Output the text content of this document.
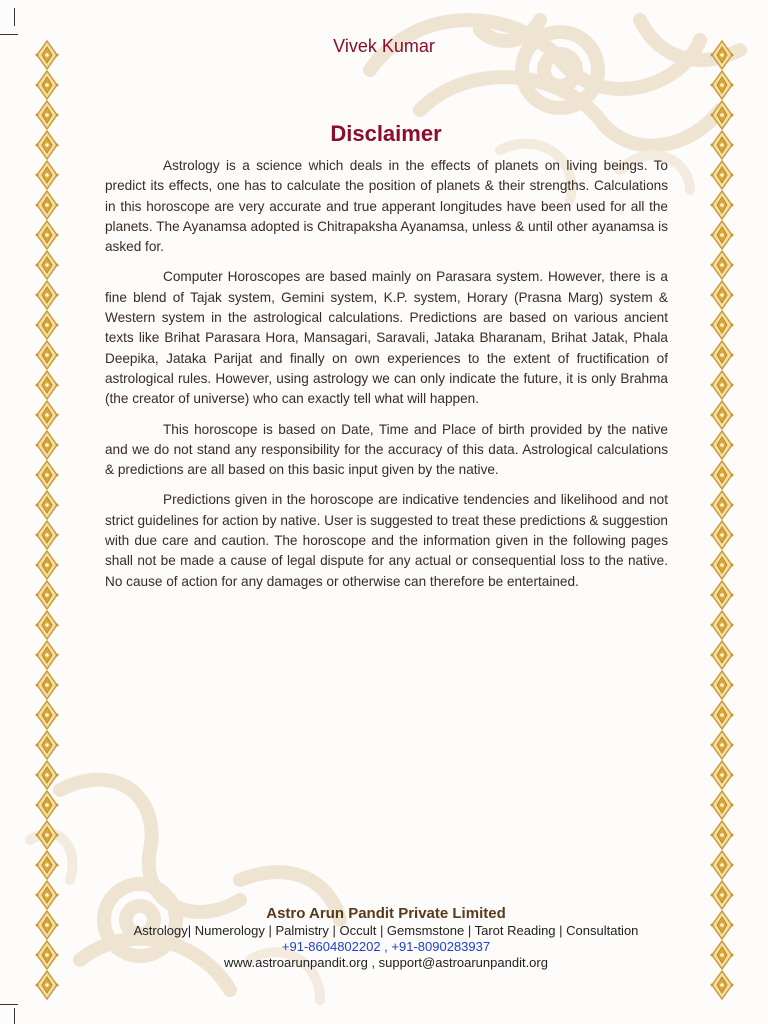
Vivek Kumar
Disclaimer

Astrology is a science which deals in the effects of planets on living beings. To predict its effects, one has to calculate the position of planets & their strengths. Calculations in this horoscope are very accurate and true apperant longitudes have been used for all the planets. The Ayanamsa adopted is Chitrapaksha Ayanamsa, unless & until other ayanamsa is asked for.

Computer Horoscopes are based mainly on Parasara system. However, there is a fine blend of Tajak system, Gemini system, K.P. system, Horary (Prasna Marg) system & Western system in the astrological calculations. Predictions are based on various ancient texts like Brihat Parasara Hora, Mansagari, Saravali, Jataka Bharanam, Brihat Jatak, Phala Deepika, Jataka Parijat and finally on own experiences to the extent of fructification of astrological rules. However, using astrology we can only indicate the future, it is only Brahma (the creator of universe) who can exactly tell what will happen.

This horoscope is based on Date, Time and Place of birth provided by the native and we do not stand any responsibility for the accuracy of this data. Astrological calculations & predictions are all based on this basic input given by the native.

Predictions given in the horoscope are indicative tendencies and likelihood and not strict guidelines for action by native. User is suggested to treat these predictions & suggestion with due care and caution. The horoscope and the information given in the following pages shall not be made a cause of legal dispute for any actual or consequential loss to the native. No cause of action for any damages or otherwise can therefore be entertained.

Astro Arun Pandit Private Limited
Astrology| Numerology | Palmistry | Occult | Gemsmstone | Tarot Reading | Consultation
+91-8604802202 , +91-8090283937
www.astroarunpandit.org , support@astroarunpandit.org
